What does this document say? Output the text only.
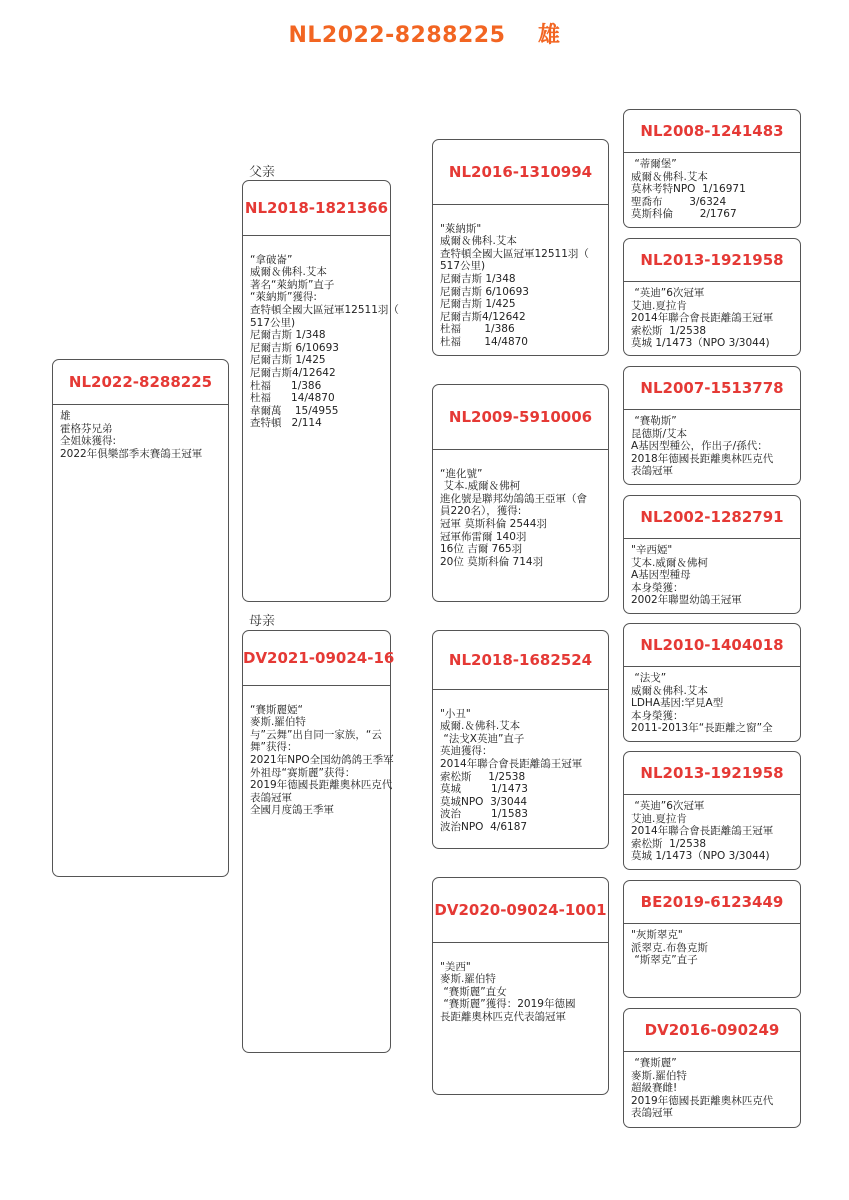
NL2022-8288225    雄
父亲
母亲
NL2022-8288225
雄
霍格芬兄弟
全姐妹獲得:
2022年俱樂部季末賽鴿王冠軍
NL2018-1821366

“拿破崙”
威爾＆佛科.艾本
著名“萊納斯”直子
“萊納斯”獲得:
查特頓全國大區冠軍12511羽（
517公里)
尼爾吉斯 1/348
尼爾吉斯 6/10693
尼爾吉斯 1/425
尼爾吉斯4/12642
杜福      1/386
杜福      14/4870
韋爾萬    15/4955
查特頓   2/114
DV2021-09024-16

“賽斯麗婭“
麥斯.羅伯特
与”云舞”出自同一家族，“云
舞”获得：
2021年NPO全国幼鸽鸽王季军
外祖母“赛斯麗”获得：
2019年德國長距離奧林匹克代
表鴿冠軍
全國月度鴿王季軍
NL2016-1310994

"萊納斯"
威爾＆佛科.艾本
查特頓全國大區冠軍12511羽（
517公里)
尼爾吉斯 1/348
尼爾吉斯 6/10693
尼爾吉斯 1/425
尼爾吉斯4/12642
杜福       1/386
杜福       14/4870
NL2009-5910006

“進化號”
艾本.威爾＆佛柯
進化號是聯邦幼鴿鴿王亞軍（會
員220名），獲得:
冠軍 莫斯科倫 2544羽
冠軍佈雷爾 140羽
16位 吉爾 765羽
20位 莫斯科倫 714羽
NL2018-1682524

"小丑"
威爾.＆佛科.艾本
“法戈X英迪”直子
英迪獲得：
2014年聯合會長距離鴿王冠軍
索松斯     1/2538
莫城         1/1473
莫城NPO  3/3044
波治         1/1583
波治NPO  4/6187
DV2020-09024-1001

"美西"
麥斯.羅伯特
“賽斯麗”直女
“賽斯麗”獲得：2019年德國
長距離奧林匹克代表鴿冠軍
NL2008-1241483
“蒂爾堡”
威爾＆佛科.艾本
莫林考特NPO  1/16971
聖喬布        3/6324
莫斯科倫        2/1767
NL2013-1921958
“英迪”6次冠軍
艾迪.夏拉肯
2014年聯合會長距離鴿王冠軍
索松斯  1/2538
莫城 1/1473（NPO 3/3044)
NL2007-1513778
“賽勒斯”
昆德斯/艾本
A基因型種公，作出子/孫代：
2018年德國長距離奧林匹克代
表鴿冠軍
NL2002-1282791
"辛西婭"
艾本.威爾＆佛柯
A基因型種母
本身榮獲：
2002年聯盟幼鴿王冠軍
NL2010-1404018
“法戈”
威爾＆佛科.艾本
LDHA基因:罕見A型
本身榮獲：
2011-2013年“長距離之窗”全
NL2013-1921958
“英迪”6次冠軍
艾迪.夏拉肯
2014年聯合會長距離鴿王冠軍
索松斯  1/2538
莫城 1/1473（NPO 3/3044)
BE2019-6123449
"灰斯翠克"
派翠克.布魯克斯
“斯翠克”直子
DV2016-090249
“賽斯麗”
麥斯.羅伯特
超級賽雌!
2019年德國長距離奧林匹克代
表鴿冠軍
